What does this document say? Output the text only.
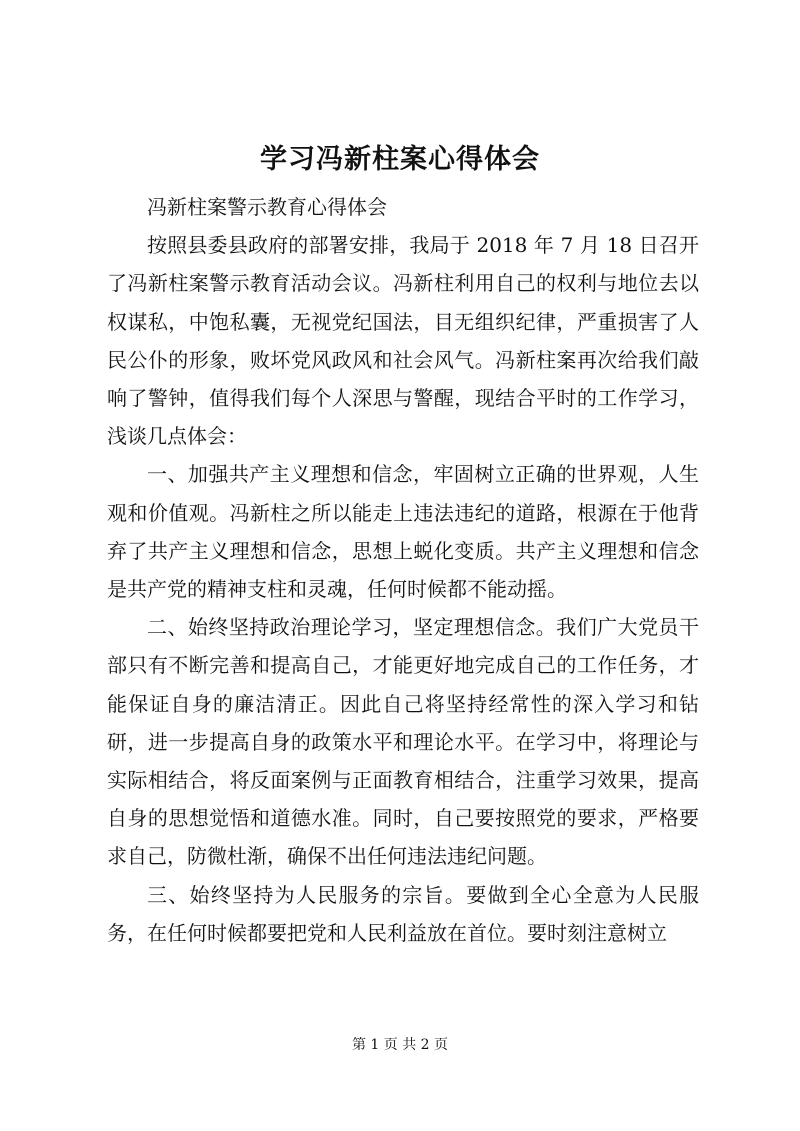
学习冯新柱案心得体会

冯新柱案警示教育心得体会

按照县委县政府的部署安排，我局于 2018 年 7 月 18 日召开了冯新柱案警示教育活动会议。冯新柱利用自己的权利与地位去以权谋私，中饱私囊，无视党纪国法，目无组织纪律，严重损害了人民公仆的形象，败坏党风政风和社会风气。冯新柱案再次给我们敲响了警钟，值得我们每个人深思与警醒，现结合平时的工作学习，浅谈几点体会：

一、加强共产主义理想和信念，牢固树立正确的世界观，人生观和价值观。冯新柱之所以能走上违法违纪的道路，根源在于他背弃了共产主义理想和信念，思想上蜕化变质。共产主义理想和信念是共产党的精神支柱和灵魂，任何时候都不能动摇。

二、始终坚持政治理论学习，坚定理想信念。我们广大党员干部只有不断完善和提高自己，才能更好地完成自己的工作任务，才能保证自身的廉洁清正。因此自己将坚持经常性的深入学习和钻研，进一步提高自身的政策水平和理论水平。在学习中，将理论与实际相结合，将反面案例与正面教育相结合，注重学习效果，提高自身的思想觉悟和道德水准。同时，自己要按照党的要求，严格要求自己，防微杜渐，确保不出任何违法违纪问题。

三、始终坚持为人民服务的宗旨。要做到全心全意为人民服务，在任何时候都要把党和人民利益放在首位。要时刻注意树立

第 1 页 共 2 页
